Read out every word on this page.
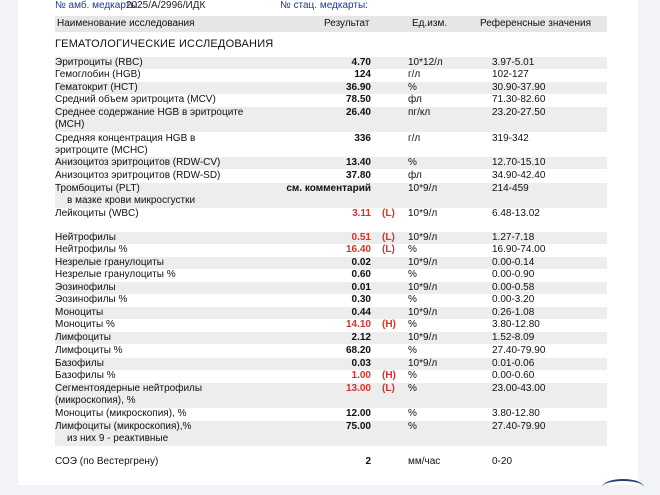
№ амб. медкарты
2025/A/2996/ИДК	№ стац. медкарты:
Наименование исследования	Результат	Ед.изм.	Референсные значения
ГЕМАТОЛОГИЧЕСКИЕ ИССЛЕДОВАНИЯ
Эритроциты (RBC)	4.70	10*12/л	3.97-5.01
Гемоглобин (HGB)	124	г/л	102-127
Гематокрит (HCT)	36.90	%	30.90-37.90
Средний объем эритроцита (MCV)	78.50	фл	71.30-82.60
Среднее содержание HGB в эритроците
(MCH)
26.40	пг/кл	23.20-27.50
Средняя концентрация HGB в
эритроците (MCHC)
336	г/л	319-342
Анизоцитоз эритроцитов (RDW-CV)	13.40	%	12.70-15.10
Анизоцитоз эритроцитов (RDW-SD)	37.80	фл	34.90-42.40
Тромбоциты (PLT)
в мазке крови микросгустки
см. комментарий	10*9/л	214-459
Лейкоциты (WBC)	3.11 (L) 10*9/л	6.48-13.02
Нейтрофилы	0.51 (L) 10*9/л	1.27-7.18
Нейтрофилы %	16.40 (L) %	16.90-74.00
Незрелые гранулоциты	0.02	10*9/л	0.00-0.14
Незрелые гранулоциты %	0.60	%	0.00-0.90
Эозинофилы	0.01	10*9/л	0.00-0.58
Эозинофилы %	0.30	%	0.00-3.20
Моноциты	0.44	10*9/л	0.26-1.08
Моноциты %	14.10 (H) %	3.80-12.80
Лимфоциты	2.12	10*9/л	1.52-8.09
Лимфоциты %	68.20	%	27.40-79.90
Базофилы	0.03	10*9/л	0.01-0.06
Базофилы %	1.00 (H) %	0.00-0.60
Сегментоядерные нейтрофилы
(микроскопия), %
13.00 (L) %	23.00-43.00
Моноциты (микроскопия), %	12.00	%	3.80-12.80
Лимфоциты (микроскопия),%
из них 9 - реактивные
75.00	%	27.40-79.90
СОЭ (по Вестергрену)	2	мм/час	0-20
